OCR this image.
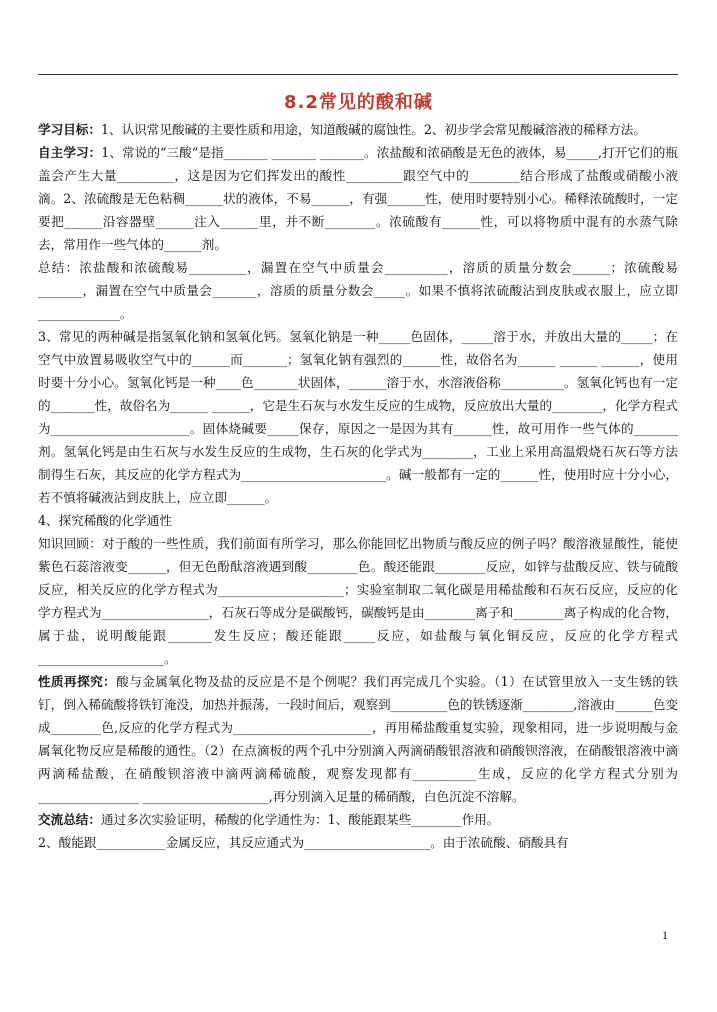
8.2常见的酸和碱

学习目标：1、认识常见酸碱的主要性质和用途，知道酸碱的腐蚀性。2、初步学会常见酸碱溶液的稀释方法。

自主学习：1、常说的“三酸”是指_______ _______ _______。浓盐酸和浓硝酸是无色的液体，易_____,打开它们的瓶盖会产生大量_________，这是因为它们挥发出的酸性_________跟空气中的________结合形成了盐酸或硝酸小液滴。2、浓硫酸是无色粘稠______状的液体，不易______，有强______性，使用时要特别小心。稀释浓硫酸时，一定要把______沿容器壁______注入______里，并不断________。浓硫酸有______性，可以将物质中混有的水蒸气除去，常用作一些气体的______剂。

总结：浓盐酸和浓硫酸易_________，漏置在空气中质量会__________，溶质的质量分数会______；浓硫酸易_______，漏置在空气中质量会_______，溶质的质量分数会_____。如果不慎将浓硫酸沾到皮肤或衣服上，应立即_____________。

3、常见的两种碱是指氢氧化钠和氢氧化钙。氢氧化钠是一种_____色固体，_____溶于水，并放出大量的_____；在空气中放置易吸收空气中的______而_______；氢氧化钠有强烈的______性，故俗名为______ ______ ______，使用时要十分小心。氢氧化钙是一种____色_______状固体，______溶于水，水溶液俗称__________。氢氧化钙也有一定的_______性，故俗名为______ ______，它是生石灰与水发生反应的生成物，反应放出大量的________，化学方程式为______________________。固体烧碱要_____保存，原因之一是因为其有______性，故可用作一些气体的_______剂。氢氧化钙是由生石灰与水发生反应的生成物，生石灰的化学式为________，工业上采用高温煅烧石灰石等方法制得生石灰，其反应的化学方程式为_______________________。碱一般都有一定的______性，使用时应十分小心，若不慎将碱液沾到皮肤上，应立即______。

4、探究稀酸的化学通性

知识回顾：对于酸的一些性质，我们前面有所学习，那么你能回忆出物质与酸反应的例子吗？酸溶液显酸性，能使紫色石蕊溶液变______，但无色酚酞溶液遇到酸________色。酸还能跟________反应，如锌与盐酸反应、铁与硫酸反应，相关反应的化学方程式为____________________；实验室制取二氧化碳是用稀盐酸和石灰石反应，反应的化学方程式为_________________，石灰石等成分是碳酸钙，碳酸钙是由________离子和________离子构成的化合物，属于盐，说明酸能跟_______发生反应；酸还能跟_____反应，如盐酸与氧化铜反应，反应的化学方程式____________________。

性质再探究：酸与金属氧化物及盐的反应是不是个例呢？我们再完成几个实验。（1）在试管里放入一支生锈的铁钉，倒入稀硫酸将铁钉淹没，加热并振荡，一段时间后，观察到_________色的铁锈逐渐________,溶液由______色变成________色,反应的化学方程式为______________________，再用稀盐酸重复实验，现象相同，进一步说明酸与金属氧化物反应是稀酸的通性。（2）在点滴板的两个孔中分别滴入两滴硝酸银溶液和硝酸钡溶液，在硝酸银溶液中滴两滴稀盐酸，在硝酸钡溶液中滴两滴稀硫酸，观察发现都有__________生成，反应的化学方程式分别为________________ ____________________,再分别滴入足量的稀硝酸，白色沉淀不溶解。

交流总结：通过多次实验证明，稀酸的化学通性为：1、酸能跟某些________作用。

2、酸能跟___________金属反应，其反应通式为____________________。由于浓硫酸、硝酸具有

1
